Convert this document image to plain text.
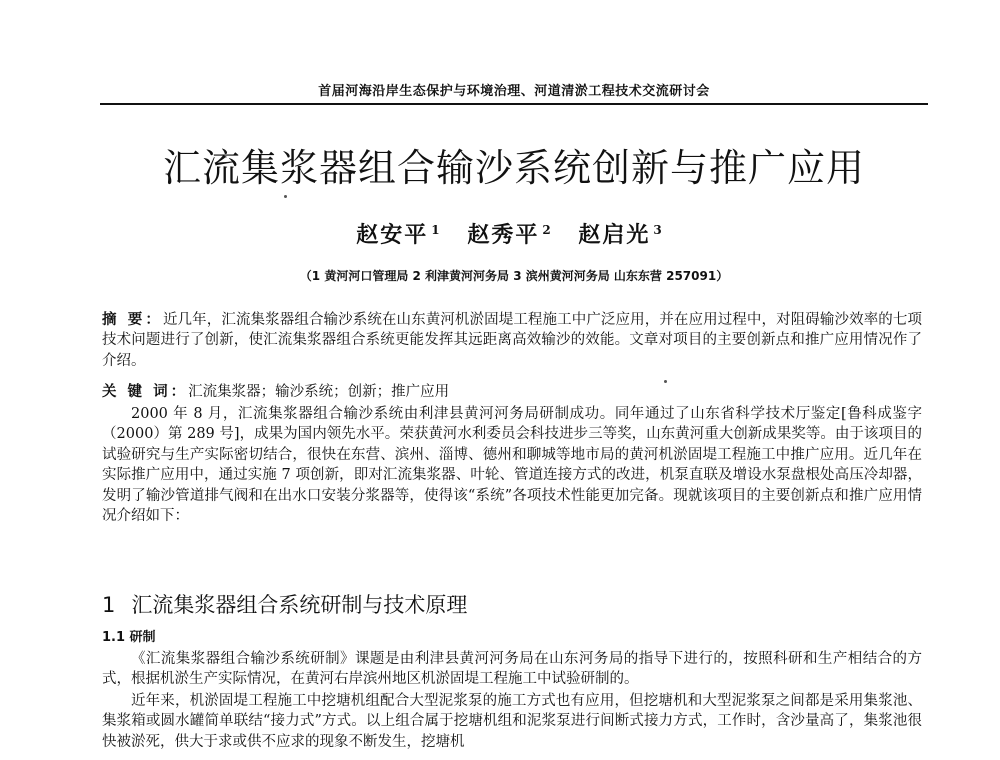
首届河海沿岸生态保护与环境治理、河道清淤工程技术交流研讨会
汇流集浆器组合输沙系统创新与推广应用
赵安平 $^1$ 赵秀平 $^2$ 赵启光 $^3$
（1 黄河河口管理局 2 利津黄河河务局 3 滨州黄河河务局 山东东营 257091）
摘 要：近几年，汇流集浆器组合输沙系统在山东黄河机淤固堤工程施工中广泛应用，并在应用过程中，对阻碍输沙效率的七项技术问题进行了创新，使汇流集浆器组合系统更能发挥其远距离高效输沙的效能。文章对项目的主要创新点和推广应用情况作了介绍。
关 键 词：汇流集浆器；输沙系统；创新；推广应用
2000 年 8 月，汇流集浆器组合输沙系统由利津县黄河河务局研制成功。同年通过了山东省科学技术厅鉴定[鲁科成鉴字（2000）第 289 号]，成果为国内领先水平。荣获黄河水利委员会科技进步三等奖，山东黄河重大创新成果奖等。由于该项目的试验研究与生产实际密切结合，很快在东营、滨州、淄博、德州和聊城等地市局的黄河机淤固堤工程施工中推广应用。近几年在实际推广应用中，通过实施 7 项创新，即对汇流集浆器、叶轮、管道连接方式的改进，机泵直联及增设水泵盘根处高压冷却器，发明了输沙管道排气阀和在出水口安装分浆器等，使得该“系统”各项技术性能更加完备。现就该项目的主要创新点和推广应用情况介绍如下：
1 汇流集浆器组合系统研制与技术原理
1.1 研制
《汇流集浆器组合输沙系统研制》课题是由利津县黄河河务局在山东河务局的指导下进行的，按照科研和生产相结合的方式，根据机淤生产实际情况，在黄河右岸滨州地区机淤固堤工程施工中试验研制的。
近年来，机淤固堤工程施工中挖塘机组配合大型泥浆泵的施工方式也有应用，但挖塘机和大型泥浆泵之间都是采用集浆池、集浆箱或圆水罐简单联结“接力式”方式。以上组合属于挖塘机组和泥浆泵进行间断式接力方式，工作时，含沙量高了，集浆池很快被淤死，供大于求或供不应求的现象不断发生，挖塘机
